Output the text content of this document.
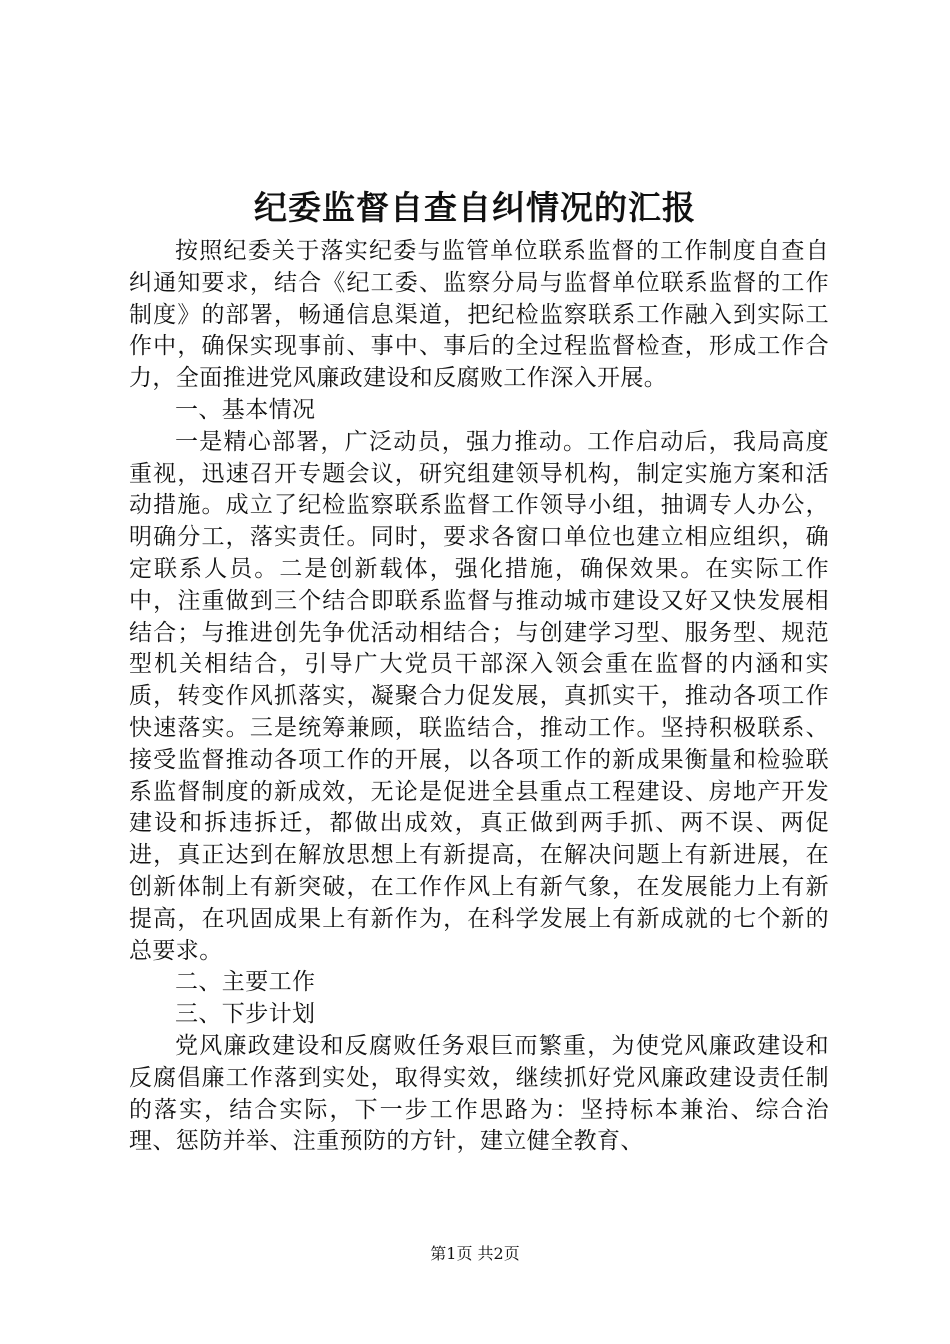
纪委监督自查自纠情况的汇报

按照纪委关于落实纪委与监管单位联系监督的工作制度自查自纠通知要求，结合《纪工委、监察分局与监督单位联系监督的工作制度》的部署，畅通信息渠道，把纪检监察联系工作融入到实际工作中，确保实现事前、事中、事后的全过程监督检查，形成工作合力，全面推进党风廉政建设和反腐败工作深入开展。

一、基本情况

一是精心部署，广泛动员，强力推动。工作启动后，我局高度重视，迅速召开专题会议，研究组建领导机构，制定实施方案和活动措施。成立了纪检监察联系监督工作领导小组，抽调专人办公，明确分工，落实责任。同时，要求各窗口单位也建立相应组织，确定联系人员。二是创新载体，强化措施，确保效果。在实际工作中，注重做到三个结合即联系监督与推动城市建设又好又快发展相结合；与推进创先争优活动相结合；与创建学习型、服务型、规范型机关相结合，引导广大党员干部深入领会重在监督的内涵和实质，转变作风抓落实，凝聚合力促发展，真抓实干，推动各项工作快速落实。三是统筹兼顾，联监结合，推动工作。坚持积极联系、接受监督推动各项工作的开展，以各项工作的新成果衡量和检验联系监督制度的新成效，无论是促进全县重点工程建设、房地产开发建设和拆违拆迁，都做出成效，真正做到两手抓、两不误、两促进，真正达到在解放思想上有新提高，在解决问题上有新进展，在创新体制上有新突破，在工作作风上有新气象，在发展能力上有新提高，在巩固成果上有新作为，在科学发展上有新成就的七个新的总要求。

二、主要工作

三、下步计划

党风廉政建设和反腐败任务艰巨而繁重，为使党风廉政建设和反腐倡廉工作落到实处，取得实效，继续抓好党风廉政建设责任制的落实，结合实际，下一步工作思路为：坚持标本兼治、综合治理、惩防并举、注重预防的方针，建立健全教育、

第1页 共2页
